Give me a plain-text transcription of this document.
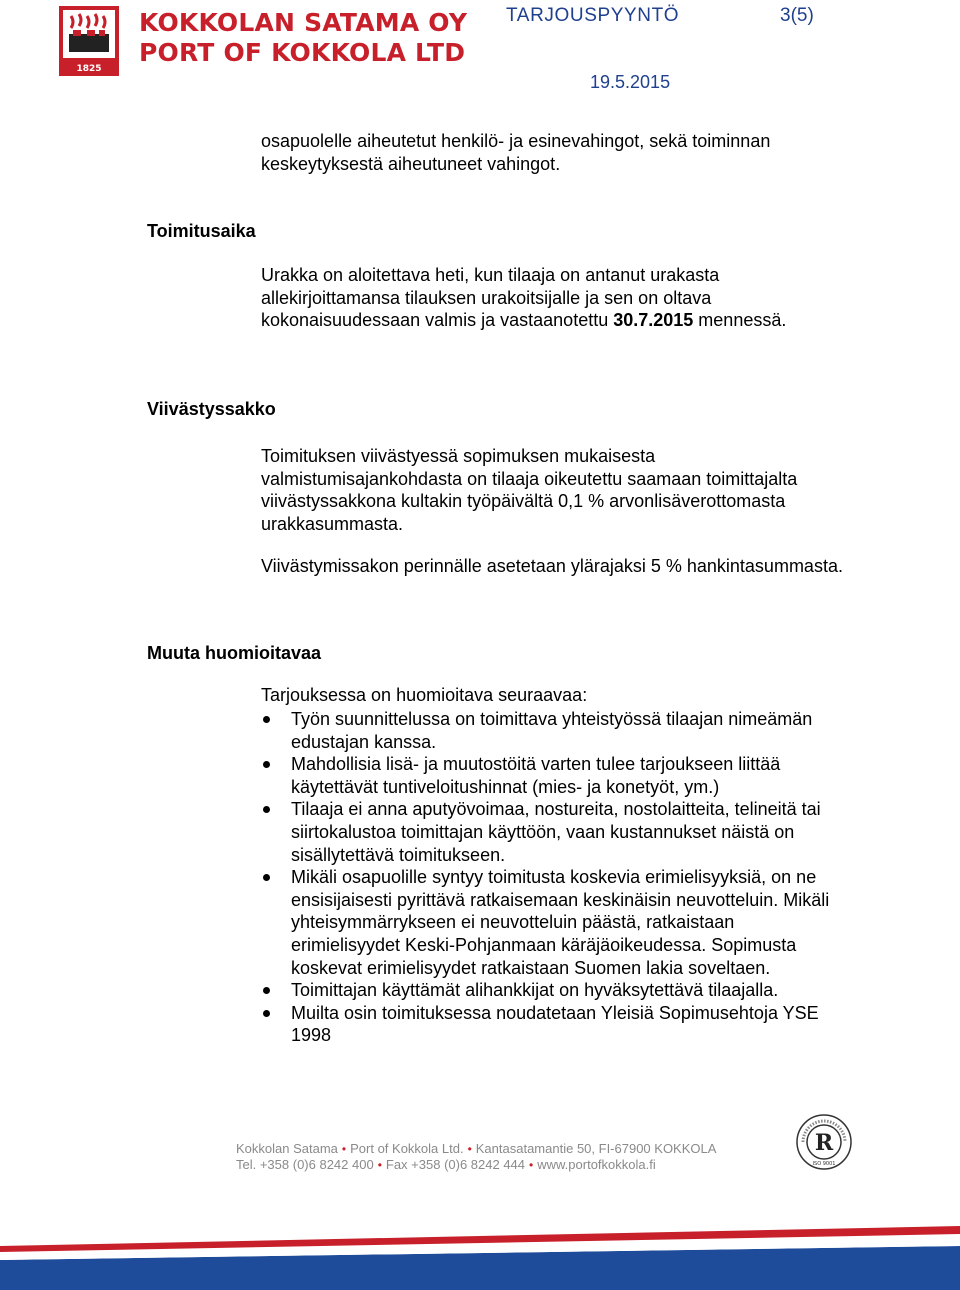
1825
KOKKOLAN SATAMA OY
PORT OF KOKKOLA LTD
TARJOUSPYYNTÖ	3(5)
19.5.2015

osapuolelle aiheutetut henkilö- ja esinevahingot, sekä toiminnan keskeytyksestä aiheutuneet vahingot.

Toimitusaika

Urakka on aloitettava heti, kun tilaaja on antanut urakasta allekirjoittamansa tilauksen urakoitsijalle ja sen on oltava kokonaisuudessaan valmis ja vastaanotettu 30.7.2015 mennessä.

Viivästyssakko

Toimituksen viivästyessä sopimuksen mukaisesta valmistumisajankohdasta on tilaaja oikeutettu saamaan toimittajalta viivästyssakkona kultakin työpäivältä 0,1 % arvonlisäverottomasta urakkasummasta.

Viivästymissakon perinnälle asetetaan ylärajaksi 5 % hankintasummasta.

Muuta huomioitavaa
Tarjouksessa on huomioitava seuraavaa:
Työn suunnittelussa on toimittava yhteistyössä tilaajan nimeämän edustajan kanssa.
Mahdollisia lisä- ja muutostöitä varten tulee tarjoukseen liittää käytettävät tuntiveloitushinnat (mies- ja konetyöt, ym.)
Tilaaja ei anna aputyövoimaa, nostureita, nostolaitteita, telineitä tai siirtokalustoa toimittajan käyttöön, vaan kustannukset näistä on sisällytettävä toimitukseen.
Mikäli osapuolille syntyy toimitusta koskevia erimielisyyksiä, on ne ensisijaisesti pyrittävä ratkaisemaan keskinäisin neuvotteluin. Mikäli yhteisymmärrykseen ei neuvotteluin päästä, ratkaistaan erimielisyydet Keski-Pohjanmaan käräjäoikeudessa. Sopimusta koskevat erimielisyydet ratkaistaan Suomen lakia soveltaen.
Toimittajan käyttämät alihankkijat on hyväksytettävä tilaajalla.
Muilta osin toimituksessa noudatetaan Yleisiä Sopimusehtoja YSE 1998
Kokkolan Satama • Port of Kokkola Ltd. • Kantasatamantie 50, FI-67900 KOKKOLA
Tel. +358 (0)6 8242 400 • Fax +358 (0)6 8242 444 • www.portofkokkola.fi
R
ISO 9001
